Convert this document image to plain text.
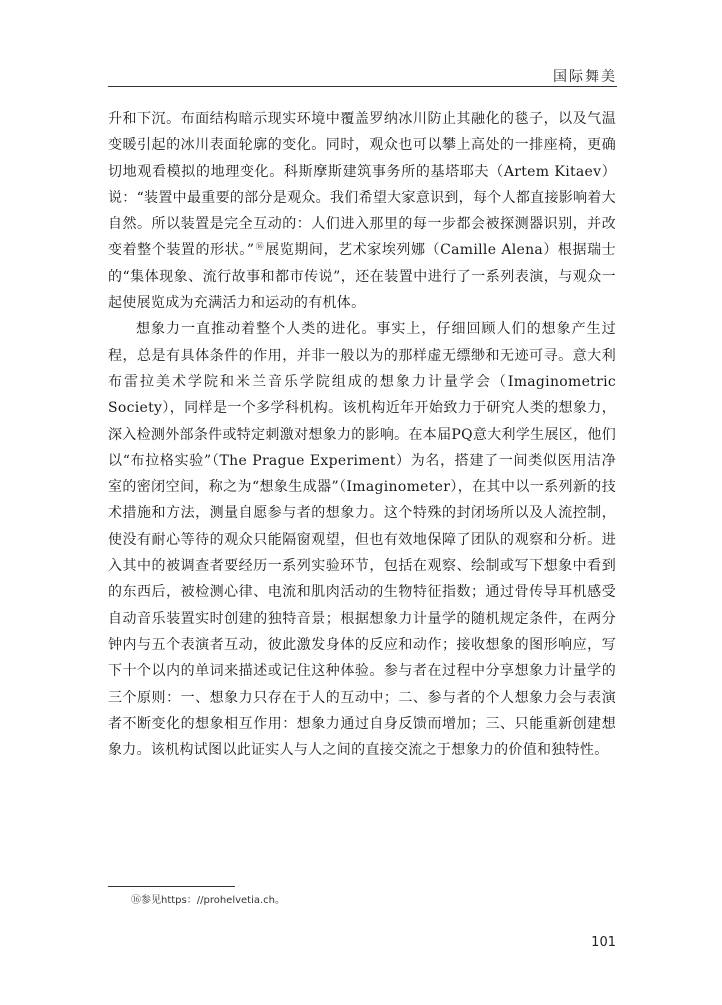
国际舞美

升和下沉。布面结构暗示现实环境中覆盖罗纳冰川防止其融化的毯子，以及气温变暖引起的冰川表面轮廓的变化。同时，观众也可以攀上高处的一排座椅，更确切地观看模拟的地理变化。科斯摩斯建筑事务所的基塔耶夫（Artem Kitaev）说：“装置中最重要的部分是观众。我们希望大家意识到，每个人都直接影响着大自然。所以装置是完全互动的：人们进入那里的每一步都会被探测器识别，并改变着整个装置的形状。”⑯展览期间，艺术家埃列娜（Camille Alena）根据瑞士的“集体现象、流行故事和都市传说”，还在装置中进行了一系列表演，与观众一起使展览成为充满活力和运动的有机体。

想象力一直推动着整个人类的进化。事实上，仔细回顾人们的想象产生过程，总是有具体条件的作用，并非一般以为的那样虚无缥缈和无迹可寻。意大利布雷拉美术学院和米兰音乐学院组成的想象力计量学会（Imaginometric Society），同样是一个多学科机构。该机构近年开始致力于研究人类的想象力，深入检测外部条件或特定刺激对想象力的影响。在本届PQ意大利学生展区，他们以“布拉格实验”（The Prague Experiment）为名，搭建了一间类似医用洁净室的密闭空间，称之为“想象生成器”（Imaginometer），在其中以一系列新的技术措施和方法，测量自愿参与者的想象力。这个特殊的封闭场所以及人流控制，使没有耐心等待的观众只能隔窗观望，但也有效地保障了团队的观察和分析。进入其中的被调查者要经历一系列实验环节，包括在观察、绘制或写下想象中看到的东西后，被检测心律、电流和肌肉活动的生物特征指数；通过骨传导耳机感受自动音乐装置实时创建的独特音景；根据想象力计量学的随机规定条件，在两分钟内与五个表演者互动，彼此激发身体的反应和动作；接收想象的图形响应，写下十个以内的单词来描述或记住这种体验。参与者在过程中分享想象力计量学的三个原则：一、想象力只存在于人的互动中；二、参与者的个人想象力会与表演者不断变化的想象相互作用：想象力通过自身反馈而增加；三、只能重新创建想象力。该机构试图以此证实人与人之间的直接交流之于想象力的价值和独特性。

⑯参见https：//prohelvetia.ch。
101
